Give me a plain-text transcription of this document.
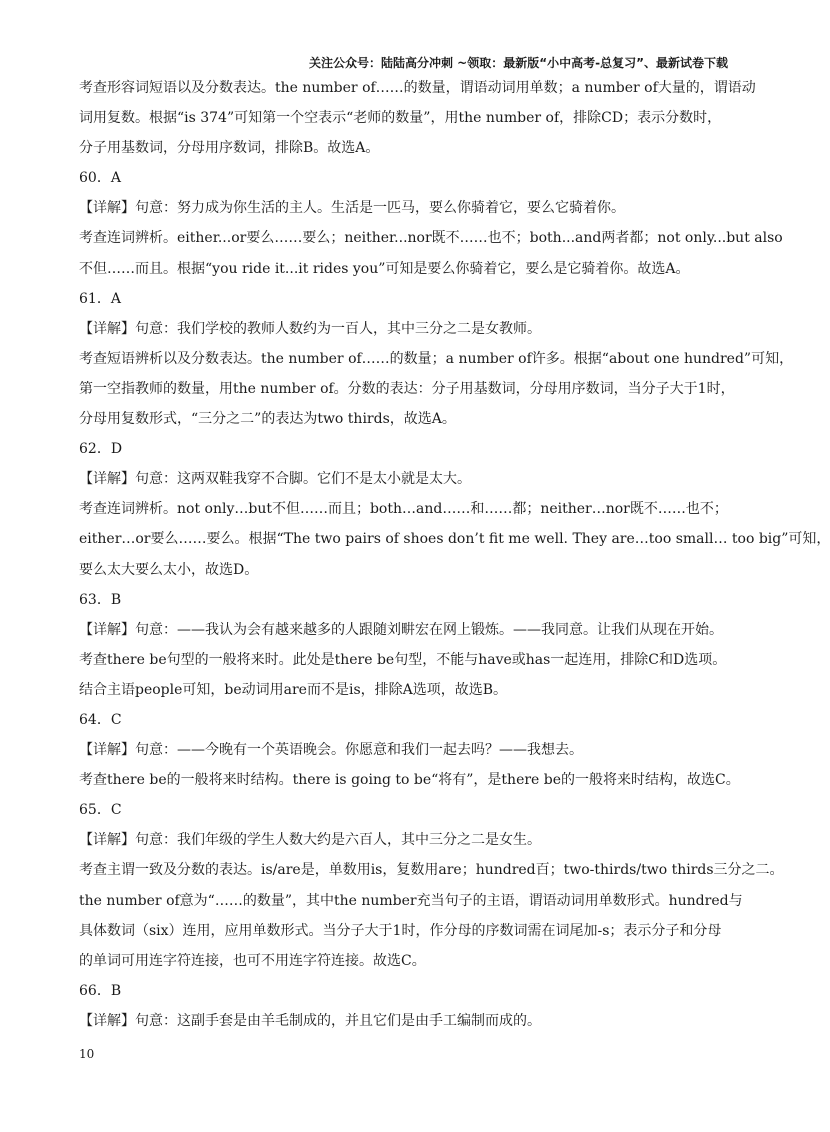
关注公众号：陆陆高分冲刺 ~领取：最新版“小中高考-总复习”、最新试卷下载
考查形容词短语以及分数表达。the number of……的数量，谓语动词用单数；a number of大量的，谓语动
词用复数。根据“is 374”可知第一个空表示“老师的数量”，用the number of，排除CD；表示分数时，
分子用基数词，分母用序数词，排除B。故选A。
60．A
【详解】句意：努力成为你生活的主人。生活是一匹马，要么你骑着它，要么它骑着你。
考查连词辨析。either...or要么……要么；neither...nor既不……也不；both...and两者都；not only...but also
不但……而且。根据“you ride it...it rides you”可知是要么你骑着它，要么是它骑着你。故选A。
61．A
【详解】句意：我们学校的教师人数约为一百人，其中三分之二是女教师。
考查短语辨析以及分数表达。the number of……的数量；a number of许多。根据“about one hundred”可知，
第一空指教师的数量，用the number of。分数的表达：分子用基数词，分母用序数词，当分子大于1时，
分母用复数形式，“三分之二”的表达为two thirds，故选A。
62．D
【详解】句意：这两双鞋我穿不合脚。它们不是太小就是太大。
考查连词辨析。not only…but不但……而且；both…and……和……都；neither…nor既不……也不；
either…or要么……要么。根据“The two pairs of shoes don’t fit me well. They are…too small… too big”可知，
要么太大要么太小，故选D。
63．B
【详解】句意：——我认为会有越来越多的人跟随刘畊宏在网上锻炼。——我同意。让我们从现在开始。
考查there be句型的一般将来时。此处是there be句型，不能与have或has一起连用，排除C和D选项。
结合主语people可知，be动词用are而不是is，排除A选项，故选B。
64．C
【详解】句意：——今晚有一个英语晚会。你愿意和我们一起去吗？——我想去。
考查there be的一般将来时结构。there is going to be“将有”，是there be的一般将来时结构，故选C。
65．C
【详解】句意：我们年级的学生人数大约是六百人，其中三分之二是女生。
考查主谓一致及分数的表达。is/are是，单数用is，复数用are；hundred百；two-thirds/two thirds三分之二。
the number of意为“……的数量”，其中the number充当句子的主语，谓语动词用单数形式。hundred与
具体数词（six）连用，应用单数形式。当分子大于1时，作分母的序数词需在词尾加-s；表示分子和分母
的单词可用连字符连接，也可不用连字符连接。故选C。
66．B
【详解】句意：这副手套是由羊毛制成的，并且它们是由手工编制而成的。
10
